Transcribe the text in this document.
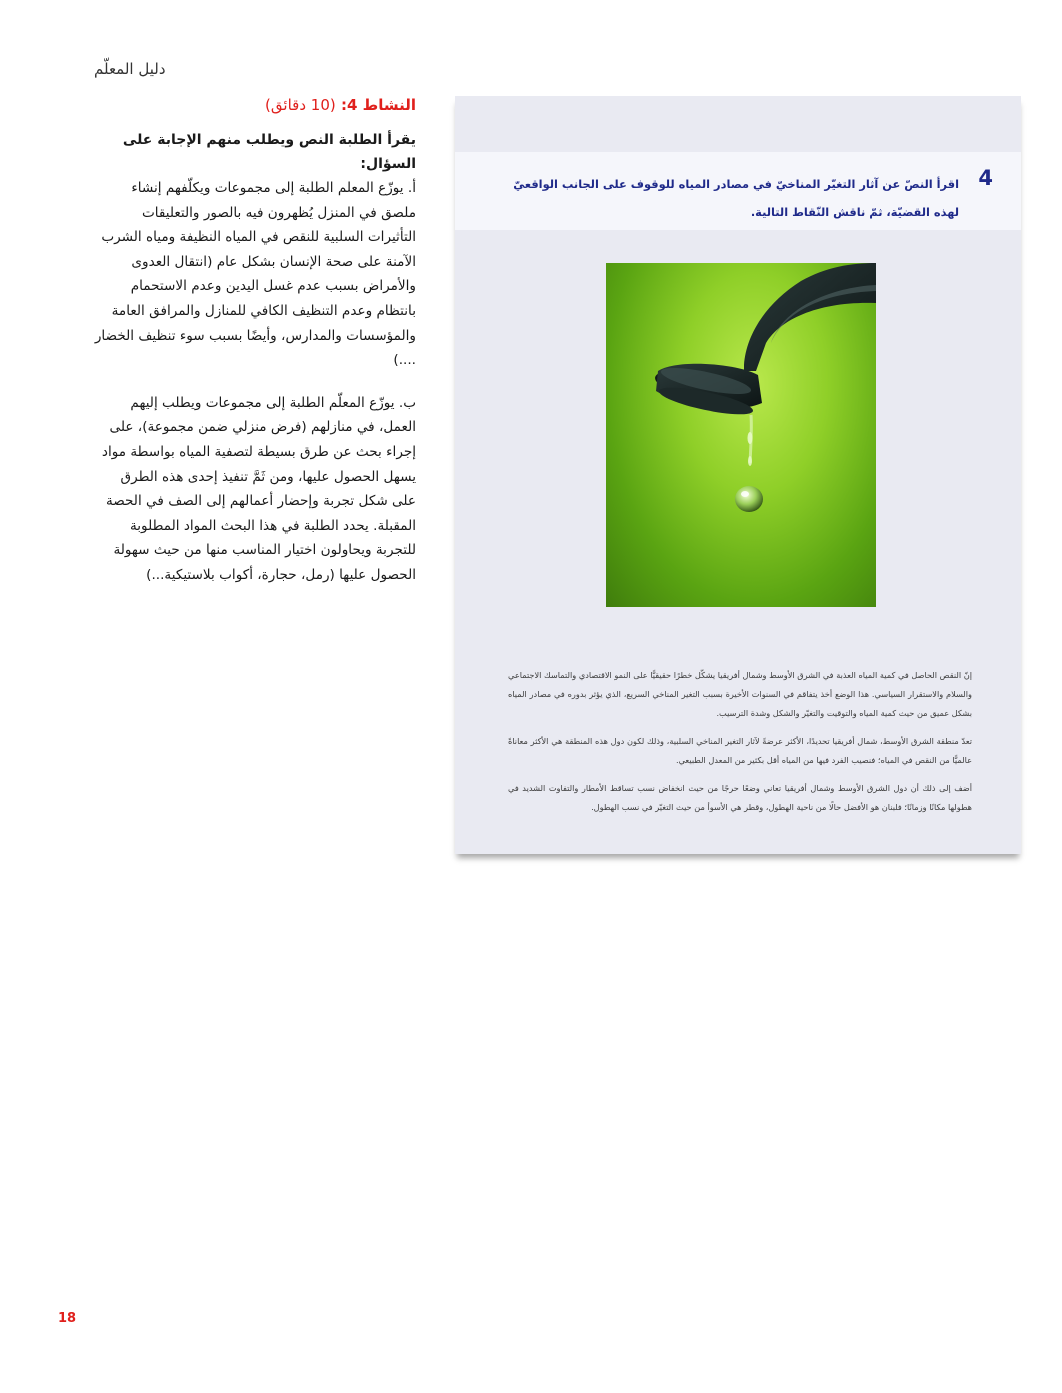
دليل المعلّم
النشاط 4: (10 دقائق)
يقرأ الطلبة النص ويطلب منهم الإجابة على السؤال:
أ. يوزّع المعلم الطلبة إلى مجموعات ويكلّفهم إنشاء ملصق في المنزل يُظهرون فيه بالصور والتعليقات التأثيرات السلبية للنقص في المياه النظيفة ومياه الشرب الآمنة على صحة الإنسان بشكل عام (انتقال العدوى والأمراض بسبب عدم غسل اليدين وعدم الاستحمام بانتظام وعدم التنظيف الكافي للمنازل والمرافق العامة والمؤسسات والمدارس، وأيضًا بسبب سوء تنظيف الخضار ....)
ب. يوزّع المعلّم الطلبة إلى مجموعات ويطلب إليهم العمل، في منازلهم (فرض منزلي ضمن مجموعة)، على إجراء بحث عن طرق بسيطة لتصفية المياه بواسطة مواد يسهل الحصول عليها، ومن ثَمَّ تنفيذ إحدى هذه الطرق على شكل تجربة وإحضار أعمالهم إلى الصف في الحصة المقبلة. يحدد الطلبة في هذا البحث المواد المطلوبة للتجربة ويحاولون اختيار المناسب منها من حيث سهولة الحصول عليها (رمل، حجارة، أكواب بلاستيكية...)
4
اقرأ النصّ عن آثار التغيّر المناخيّ في مصادر المياه للوقوف على الجانب الواقعيّ لهذه القضيّة، ثمّ ناقش النّقاط التالية.

إنّ النقص الحاصل في كمية المياه العذبة في الشرق الأوسط وشمال أفريقيا يشكّل خطرًا حقيقيًّا على النمو الاقتصادي والتماسك الاجتماعي والسلام والاستقرار السياسي. هذا الوضع أخذ يتفاقم في السنوات الأخيرة بسبب التغير المناخي السريع، الذي يؤثر بدوره في مصادر المياه بشكل عميق من حيث كمية المياه والتوقيت والتغيّر والشكل وشدة الترسيب.

تعدّ منطقة الشرق الأوسط، شمال أفريقيا تحديدًا، الأكثر عرضةً لآثار التغير المناخي السلبية، وذلك لكون دول هذه المنطقة هي الأكثر معاناةً عالميًّا من النقص في المياه؛ فنصيب الفرد فيها من المياه أقل بكثير من المعدل الطبيعي.

أضف إلى ذلك أن دول الشرق الأوسط وشمال أفريقيا تعاني وضعًا حرجًا من حيث انخفاض نسب تساقط الأمطار والتفاوت الشديد في هطولها مكانًا وزمانًا؛ فلبنان هو الأفضل حالًا من ناحية الهطول، وقطر هي الأسوأ من حيث التغيّر في نسب الهطول.

18
